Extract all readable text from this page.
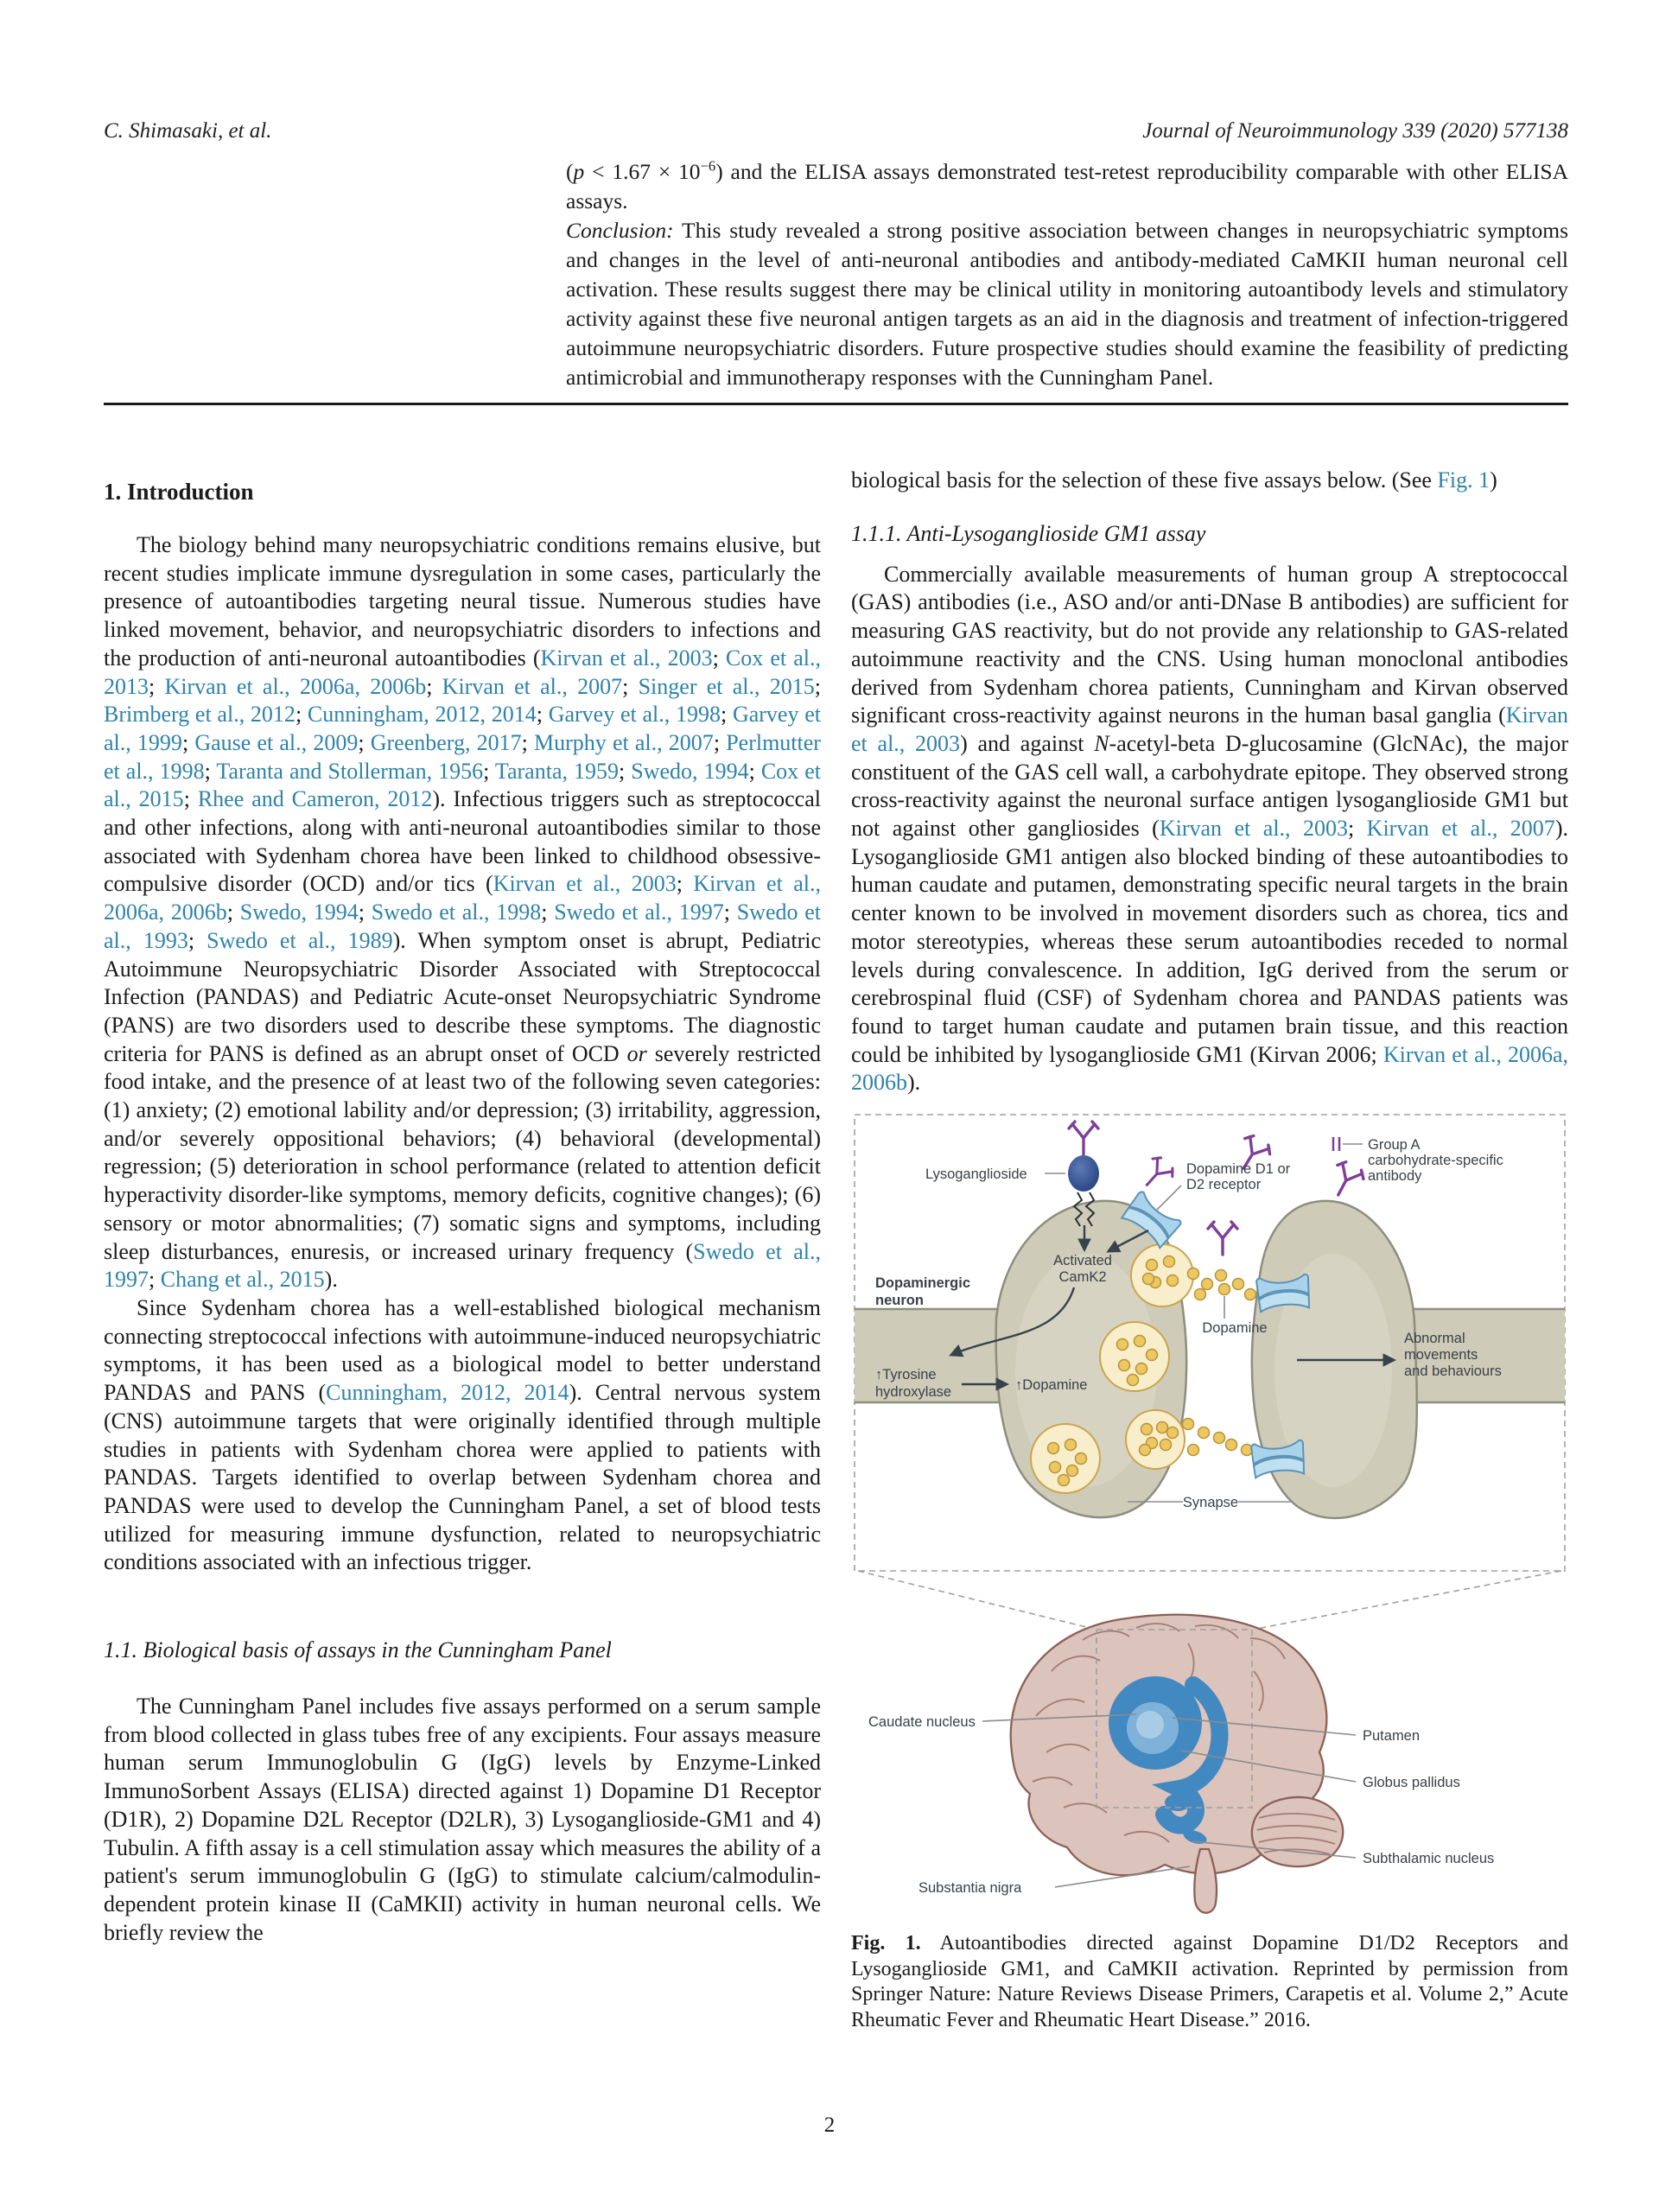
C. Shimasaki, et al.	Journal of Neuroimmunology 339 (2020) 577138

$(p < 1.67 \times 10^{-6})$ and the ELISA assays demonstrated test-retest reproducibility comparable with other ELISA assays.

Conclusion: This study revealed a strong positive association between changes in neuropsychiatric symptoms and changes in the level of anti-neuronal antibodies and antibody-mediated CaMKII human neuronal cell activation. These results suggest there may be clinical utility in monitoring autoantibody levels and stimulatory activity against these five neuronal antigen targets as an aid in the diagnosis and treatment of infection-triggered autoimmune neuropsychiatric disorders. Future prospective studies should examine the feasibility of predicting antimicrobial and immunotherapy responses with the Cunningham Panel.

1. Introduction

The biology behind many neuropsychiatric conditions remains elusive, but recent studies implicate immune dysregulation in some cases, particularly the presence of autoantibodies targeting neural tissue. Numerous studies have linked movement, behavior, and neuropsychiatric disorders to infections and the production of anti-neuronal autoantibodies (Kirvan et al., 2003; Cox et al., 2013; Kirvan et al., 2006a, 2006b; Kirvan et al., 2007; Singer et al., 2015; Brimberg et al., 2012; Cunningham, 2012, 2014; Garvey et al., 1998; Garvey et al., 1999; Gause et al., 2009; Greenberg, 2017; Murphy et al., 2007; Perlmutter et al., 1998; Taranta and Stollerman, 1956; Taranta, 1959; Swedo, 1994; Cox et al., 2015; Rhee and Cameron, 2012). Infectious triggers such as streptococcal and other infections, along with anti-neuronal autoantibodies similar to those associated with Sydenham chorea have been linked to childhood obsessive-compulsive disorder (OCD) and/or tics (Kirvan et al., 2003; Kirvan et al., 2006a, 2006b; Swedo, 1994; Swedo et al., 1998; Swedo et al., 1997; Swedo et al., 1993; Swedo et al., 1989). When symptom onset is abrupt, Pediatric Autoimmune Neuropsychiatric Disorder Associated with Streptococcal Infection (PANDAS) and Pediatric Acute-onset Neuropsychiatric Syndrome (PANS) are two disorders used to describe these symptoms. The diagnostic criteria for PANS is defined as an abrupt onset of OCD or severely restricted food intake, and the presence of at least two of the following seven categories: (1) anxiety; (2) emotional lability and/or depression; (3) irritability, aggression, and/or severely oppositional behaviors; (4) behavioral (developmental) regression; (5) deterioration in school performance (related to attention deficit hyperactivity disorder-like symptoms, memory deficits, cognitive changes); (6) sensory or motor abnormalities; (7) somatic signs and symptoms, including sleep disturbances, enuresis, or increased urinary frequency (Swedo et al., 1997; Chang et al., 2015).

Since Sydenham chorea has a well-established biological mechanism connecting streptococcal infections with autoimmune-induced neuropsychiatric symptoms, it has been used as a biological model to better understand PANDAS and PANS (Cunningham, 2012, 2014). Central nervous system (CNS) autoimmune targets that were originally identified through multiple studies in patients with Sydenham chorea were applied to patients with PANDAS. Targets identified to overlap between Sydenham chorea and PANDAS were used to develop the Cunningham Panel, a set of blood tests utilized for measuring immune dysfunction, related to neuropsychiatric conditions associated with an infectious trigger.

1.1. Biological basis of assays in the Cunningham Panel

The Cunningham Panel includes five assays performed on a serum sample from blood collected in glass tubes free of any excipients. Four assays measure human serum Immunoglobulin G (IgG) levels by Enzyme-Linked ImmunoSorbent Assays (ELISA) directed against 1) Dopamine D1 Receptor (D1R), 2) Dopamine D2L Receptor (D2LR), 3) Lysoganglioside-GM1 and 4) Tubulin. A fifth assay is a cell stimulation assay which measures the ability of a patient's serum immunoglobulin G (IgG) to stimulate calcium/calmodulin-dependent protein kinase II (CaMKII) activity in human neuronal cells. We briefly review the

biological basis for the selection of these five assays below. (See Fig. 1)

1.1.1. Anti-Lysoganglioside GM1 assay

Commercially available measurements of human group A streptococcal (GAS) antibodies (i.e., ASO and/or anti-DNase B antibodies) are sufficient for measuring GAS reactivity, but do not provide any relationship to GAS-related autoimmune reactivity and the CNS. Using human monoclonal antibodies derived from Sydenham chorea patients, Cunningham and Kirvan observed significant cross-reactivity against neurons in the human basal ganglia (Kirvan et al., 2003) and against N-acetyl-beta D-glucosamine (GlcNAc), the major constituent of the GAS cell wall, a carbohydrate epitope. They observed strong cross-reactivity against the neuronal surface antigen lysoganglioside GM1 but not against other gangliosides (Kirvan et al., 2003; Kirvan et al., 2007). Lysoganglioside GM1 antigen also blocked binding of these autoantibodies to human caudate and putamen, demonstrating specific neural targets in the brain center known to be involved in movement disorders such as chorea, tics and motor stereotypies, whereas these serum autoantibodies receded to normal levels during convalescence. In addition, IgG derived from the serum or cerebrospinal fluid (CSF) of Sydenham chorea and PANDAS patients was found to target human caudate and putamen brain tissue, and this reaction could be inhibited by lysoganglioside GM1 (Kirvan 2006; Kirvan et al., 2006a, 2006b).

Lysoganglioside	Dopamine D1 or
D2 receptor
Group A
carbohydrate-specific
antibody
Activated
CamK2
Dopaminergic
neuron
Dopamine
↑Tyrosine
hydroxylase	↑Dopamine
Abnormal
movements
and behaviours
Synapse
Caudate nucleus
Putamen
Globus pallidus
Subthalamic nucleus
Substantia nigra
Fig. 1. Autoantibodies directed against Dopamine D1/D2 Receptors and Lysoganglioside GM1, and CaMKII activation. Reprinted by permission from Springer Nature: Nature Reviews Disease Primers, Carapetis et al. Volume 2,” Acute Rheumatic Fever and Rheumatic Heart Disease.” 2016.
2
